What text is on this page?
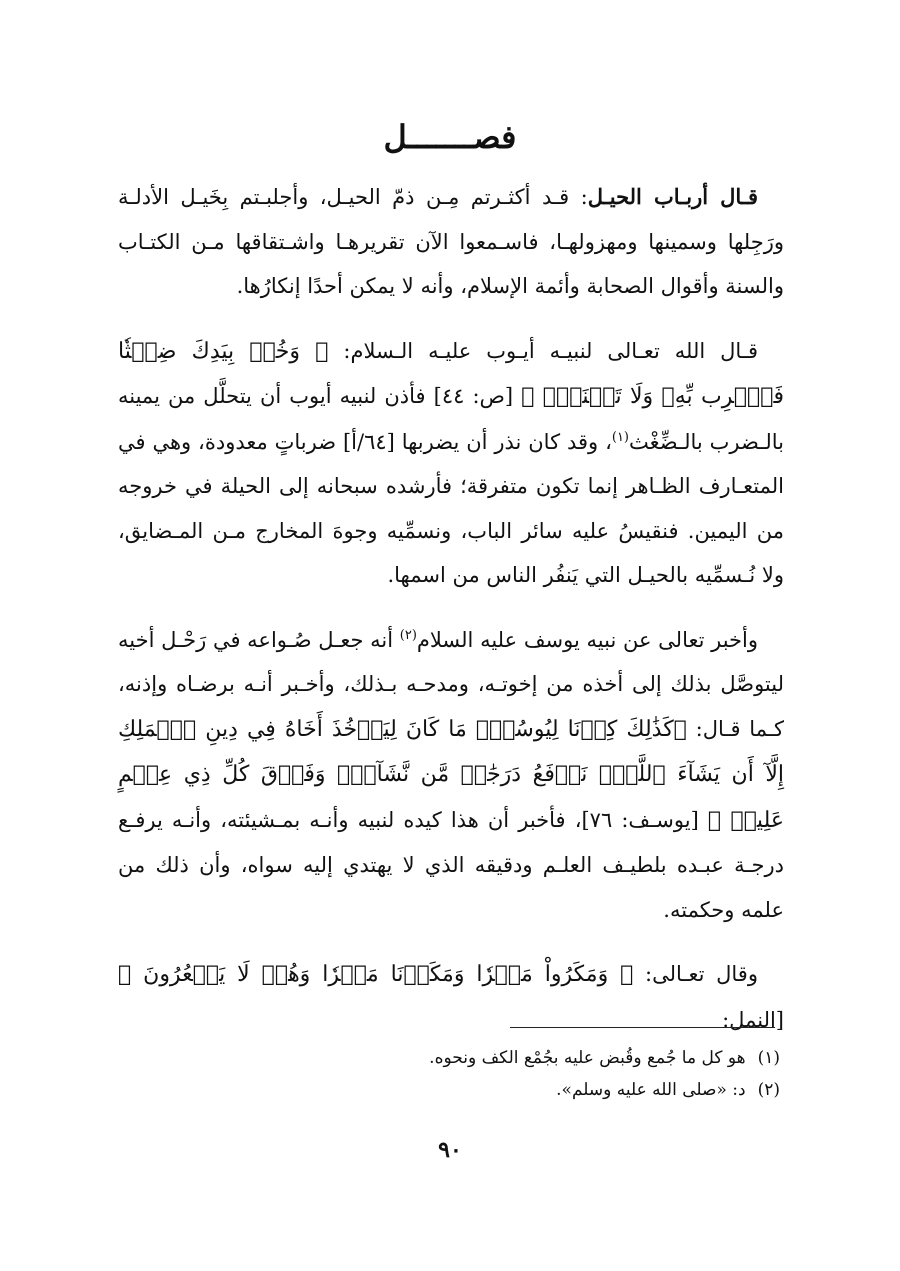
فصـــــــل

قـال أربـاب الحيـل: قـد أكثـرتم مِـن ذمّ الحيـل، وأجلبـتم بِخَيـل الأدلـة ورَجِلها وسمينها ومهزولهـا، فاسـمعوا الآن تقريرهـا واشـتقاقها مـن الكتـاب والسنة وأقوال الصحابة وأئمة الإسلام، وأنه لا يمكن أحدًا إنكارُها.

قـال الله تعـالى لنبيـه أيـوب عليـه الـسلام: ﴿ وَخُذۡ بِيَدِكَ ضِغۡثٗا فَٱضۡرِب بِّهِۦ وَلَا تَحۡنَثۡۗ ﴾ [ص: ٤٤] فأذن لنبيه أيوب أن يتحلَّل من يمينه بالـضرب بالـضِّغْث$^{(١)}$، وقد كان نذر أن يضربها [٦٤/أ] ضرباتٍ معدودة، وهي في المتعـارف الظـاهر إنما تكون متفرقة؛ فأرشده سبحانه إلى الحيلة في خروجه من اليمين. فنقيسُ عليه سائر الباب، ونسمِّيه وجوهَ المخارج مـن المـضايق، ولا نُـسمِّيه بالحيـل التي يَنفُر الناس من اسمها.

وأخبر تعالى عن نبيه يوسف عليه السلام$^{(٢)}$ أنه جعـل صُـواعه في رَحْـل أخيه ليتوصَّل بذلك إلى أخذه من إخوتـه، ومدحـه بـذلك، وأخـبر أنـه برضـاه وإذنه، كـما قـال: ﴿كَذَٰلِكَ كِدۡنَا لِيُوسُفَۖ مَا كَانَ لِيَأۡخُذَ أَخَاهُ فِي دِينِ ٱلۡمَلِكِ إِلَّآ أَن يَشَآءَ ٱللَّهُۚ نَرۡفَعُ دَرَجَٰتٖ مَّن نَّشَآءُۗ وَفَوۡقَ كُلِّ ذِي عِلۡمٍ عَلِيمٞ ﴾ [يوسـف: ٧٦]، فأخبر أن هذا كيده لنبيه وأنـه بمـشيئته، وأنـه يرفـع درجـة عبـده بلطيـف العلـم ودقيقه الذي لا يهتدي إليه سواه، وأن ذلك من علمه وحكمته.

وقال تعـالى: ﴿ وَمَكَرُواْ مَكۡرٗا وَمَكَرۡنَا مَكۡرٗا وَهُمۡ لَا يَشۡعُرُونَ ﴾ [النمل:

(١)هو كل ما جُمع وقُبض عليه بجُمْع الكف ونحوه.
(٢)د: «صلى الله عليه وسلم».
٩٠
